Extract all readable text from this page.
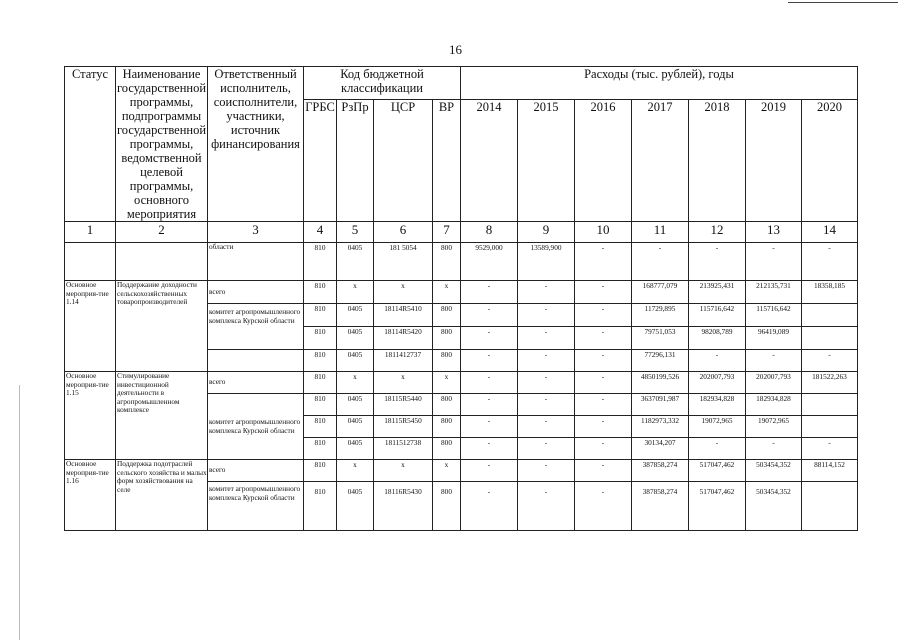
16
Статус	Наименование государственной программы, подпрограммы государственной программы, ведомственной целевой программы, основного мероприятия	Ответственный исполнитель, соисполнители, участники, источник финансирования	Код бюджетной классификации				Расходы (тыс. рублей), годы						
			ГРБС	РзПр	ЦСР	ВР	2014	2015	2016	2017	2018	2019	2020
1	2	3	4	5	6	7	8	9	10	11	12	13	14
		области	810	0405	181 5054	800	9529,000	13589,900	-	-	-	-	-
Основное мероприя-тие 1.14	Поддержание доходности сельскохозяйственных товаропроизводителей	всего	810	x	x	x	-	-	-	168777,079	213925,431	212135,731	18358,185
		комитет агропромышленного комплекса Курской области	810	0405	18114R5410	800	-	-	-	11729,895	115716,642	115716,642	
			810	0405	18114R5420	800	-	-	-	79751,053	98208,789	96419,089	
			810	0405	1811412737	800	-	-	-	77296,131	-	-	-
Основное мероприя-тие 1.15	Стимулирование инвестиционной деятельности в агропромышленном комплексе	всего	810	x	x	x	-	-	-	4850199,526	202007,793	202007,793	181522,263
		комитет агропромышленного комплекса Курской области	810	0405	18115R5440	800	-	-	-	3637091,987	182934,828	182934,828	
			810	0405	18115R5450	800	-	-	-	1182973,332	19072,965	19072,965	
			810	0405	1811512738	800	-	-	-	30134,207	-	-	-
Основное мероприя-тие 1.16	Поддержка подотраслей сельского хозяйства и малых форм хозяйствования на селе	всего	810	x	x	x	-	-	-	387858,274	517047,462	503454,352	88114,152
		комитет агропромышленного комплекса Курской области	810	0405	18116R5430	800	-	-	-	387858,274	517047,462	503454,352	
